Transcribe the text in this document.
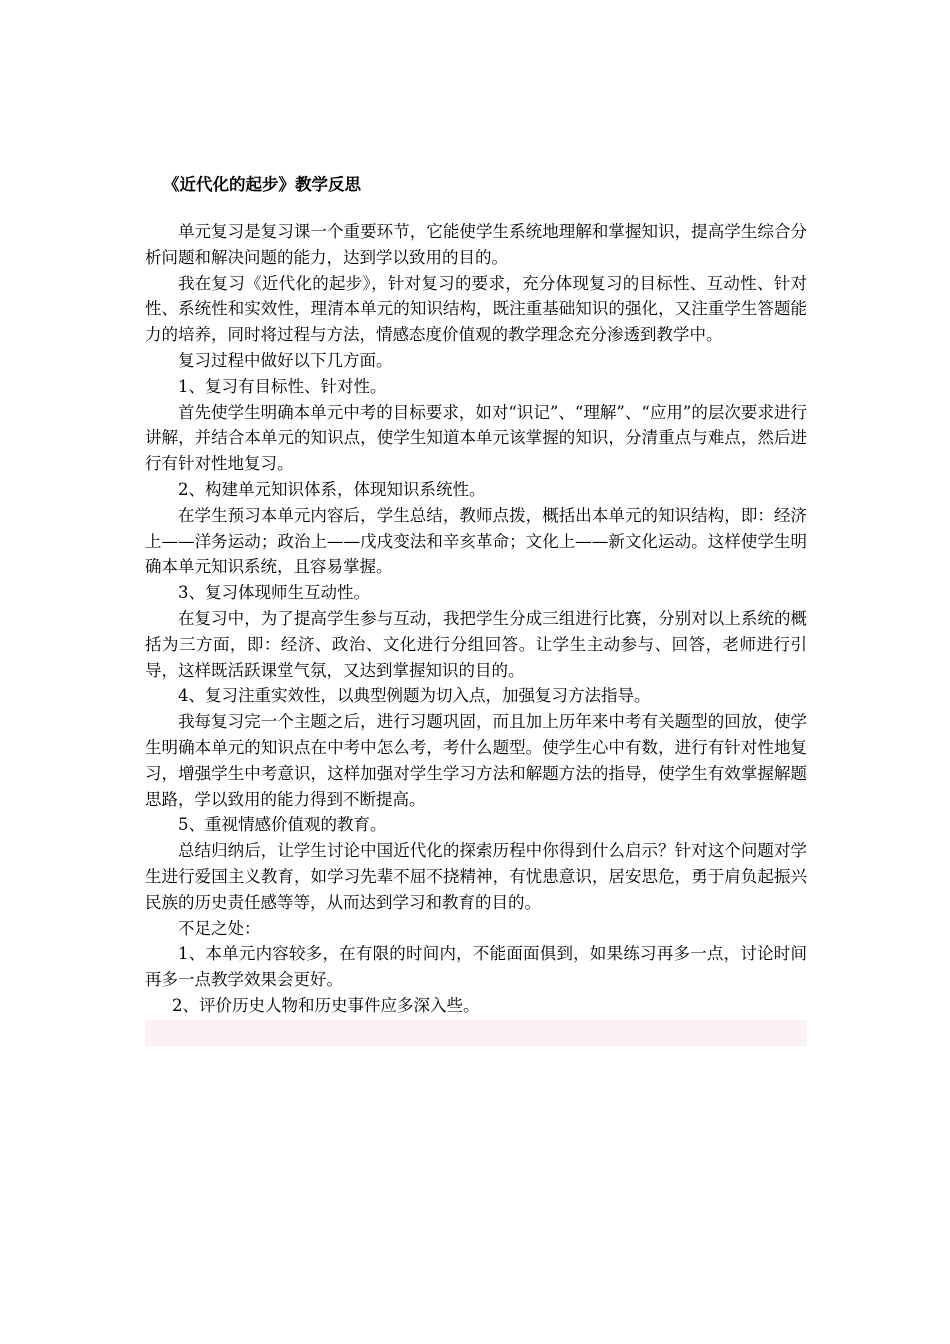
《近代化的起步》教学反思

单元复习是复习课一个重要环节，它能使学生系统地理解和掌握知识，提高学生综合分析问题和解决问题的能力，达到学以致用的目的。

我在复习《近代化的起步》，针对复习的要求，充分体现复习的目标性、互动性、针对性、系统性和实效性，理清本单元的知识结构，既注重基础知识的强化，又注重学生答题能力的培养，同时将过程与方法，情感态度价值观的教学理念充分渗透到教学中。

复习过程中做好以下几方面。

1、复习有目标性、针对性。

首先使学生明确本单元中考的目标要求，如对“识记”、“理解”、“应用”的层次要求进行讲解，并结合本单元的知识点，使学生知道本单元该掌握的知识，分清重点与难点，然后进行有针对性地复习。

2、构建单元知识体系，体现知识系统性。

在学生预习本单元内容后，学生总结，教师点拨，概括出本单元的知识结构，即：经济上——洋务运动；政治上——戊戌变法和辛亥革命；文化上——新文化运动。这样使学生明确本单元知识系统，且容易掌握。

3、复习体现师生互动性。

在复习中，为了提高学生参与互动，我把学生分成三组进行比赛，分别对以上系统的概括为三方面，即：经济、政治、文化进行分组回答。让学生主动参与、回答，老师进行引导，这样既活跃课堂气氛，又达到掌握知识的目的。

4、复习注重实效性，以典型例题为切入点，加强复习方法指导。

我每复习完一个主题之后，进行习题巩固，而且加上历年来中考有关题型的回放，使学生明确本单元的知识点在中考中怎么考，考什么题型。使学生心中有数，进行有针对性地复习，增强学生中考意识，这样加强对学生学习方法和解题方法的指导，使学生有效掌握解题思路，学以致用的能力得到不断提高。

5、重视情感价值观的教育。

总结归纳后，让学生讨论中国近代化的探索历程中你得到什么启示？针对这个问题对学生进行爱国主义教育，如学习先辈不屈不挠精神，有忧患意识，居安思危，勇于肩负起振兴民族的历史责任感等等，从而达到学习和教育的目的。

不足之处：

1、本单元内容较多，在有限的时间内，不能面面俱到，如果练习再多一点，讨论时间再多一点教学效果会更好。

2、评价历史人物和历史事件应多深入些。
